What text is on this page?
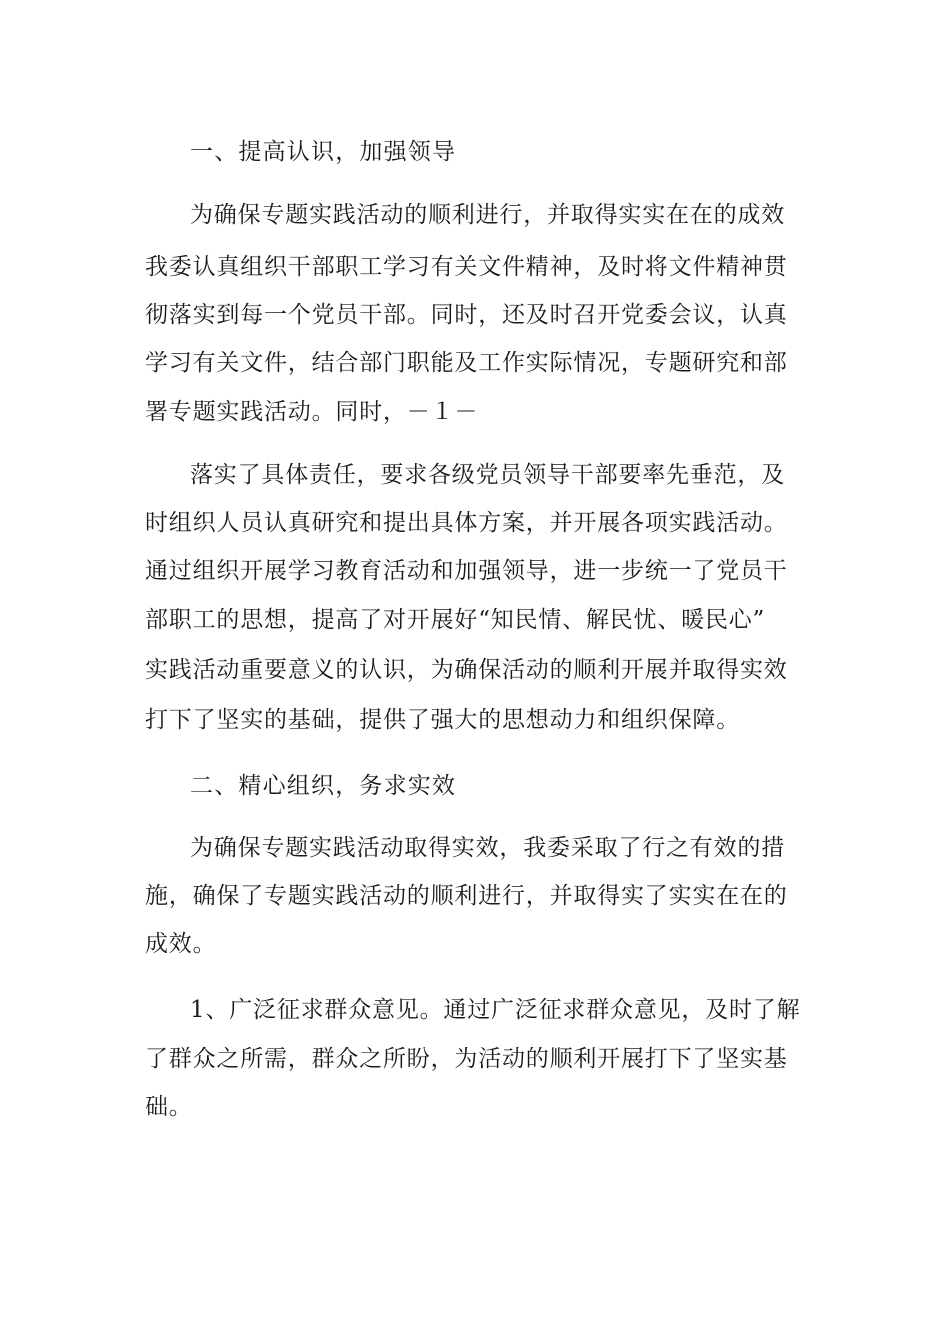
一、提高认识，加强领导
为确保专题实践活动的顺利进行，并取得实实在在的成效
我委认真组织干部职工学习有关文件精神，及时将文件精神贯
彻落实到每一个党员干部。同时，还及时召开党委会议，认真
学习有关文件，结合部门职能及工作实际情况，专题研究和部
署专题实践活动。同时，－１－
落实了具体责任，要求各级党员领导干部要率先垂范，及
时组织人员认真研究和提出具体方案，并开展各项实践活动。
通过组织开展学习教育活动和加强领导，进一步统一了党员干
部职工的思想，提高了对开展好“知民情、解民忧、暖民心”
实践活动重要意义的认识，为确保活动的顺利开展并取得实效
打下了坚实的基础，提供了强大的思想动力和组织保障。
二、精心组织，务求实效
为确保专题实践活动取得实效，我委采取了行之有效的措
施，确保了专题实践活动的顺利进行，并取得实了实实在在的
成效。
1、广泛征求群众意见。通过广泛征求群众意见，及时了解
了群众之所需，群众之所盼，为活动的顺利开展打下了坚实基
础。
